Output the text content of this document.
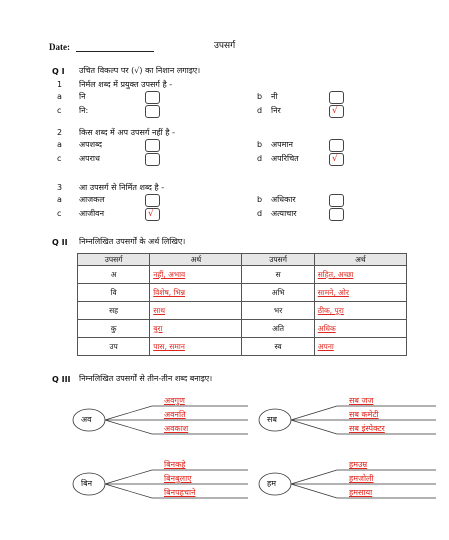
Date:	उपसर्ग
Q I उचित विकल्प पर (√) का निशान लगाइए।
1 निर्मल शब्द में प्रयुक्त उपसर्ग है -
a नि	b नी
c नि:	d निर	√
2 किस शब्द में अप उपसर्ग नहीं है -
a अपशब्द	b अपमान
c अपराध	d अपरिचित	√
3 आ उपसर्ग से निर्मित शब्द है -
a आजकल	b अधिकार
c आजीवन	√	d अत्याचार
Q II निम्नलिखित उपसर्गों के अर्थ लिखिए।
उपसर्ग	अर्थ	उपसर्ग	अर्थ
अ	नहीं, अभाव	स	सहित, अच्छा
वि	विशेष, भिन्न	अभि	सामने, ओर
सह	साथ	भर	ठीक, पूरा
कु	बुरा	अति	अधिक
उप	पास, समान	स्व	अपना
Q III निम्नलिखित उपसर्गों से तीन-तीन शब्द बनाइए।
अव
अवगुण
अवनति
अवकाश
सब
सब जज
सब कमेटी
सब इंस्पेक्टर
बिन
बिनकहे
बिनबुलाए
बिनपहचाने
हम
हमउम्र
हमजोली
हमसाया
